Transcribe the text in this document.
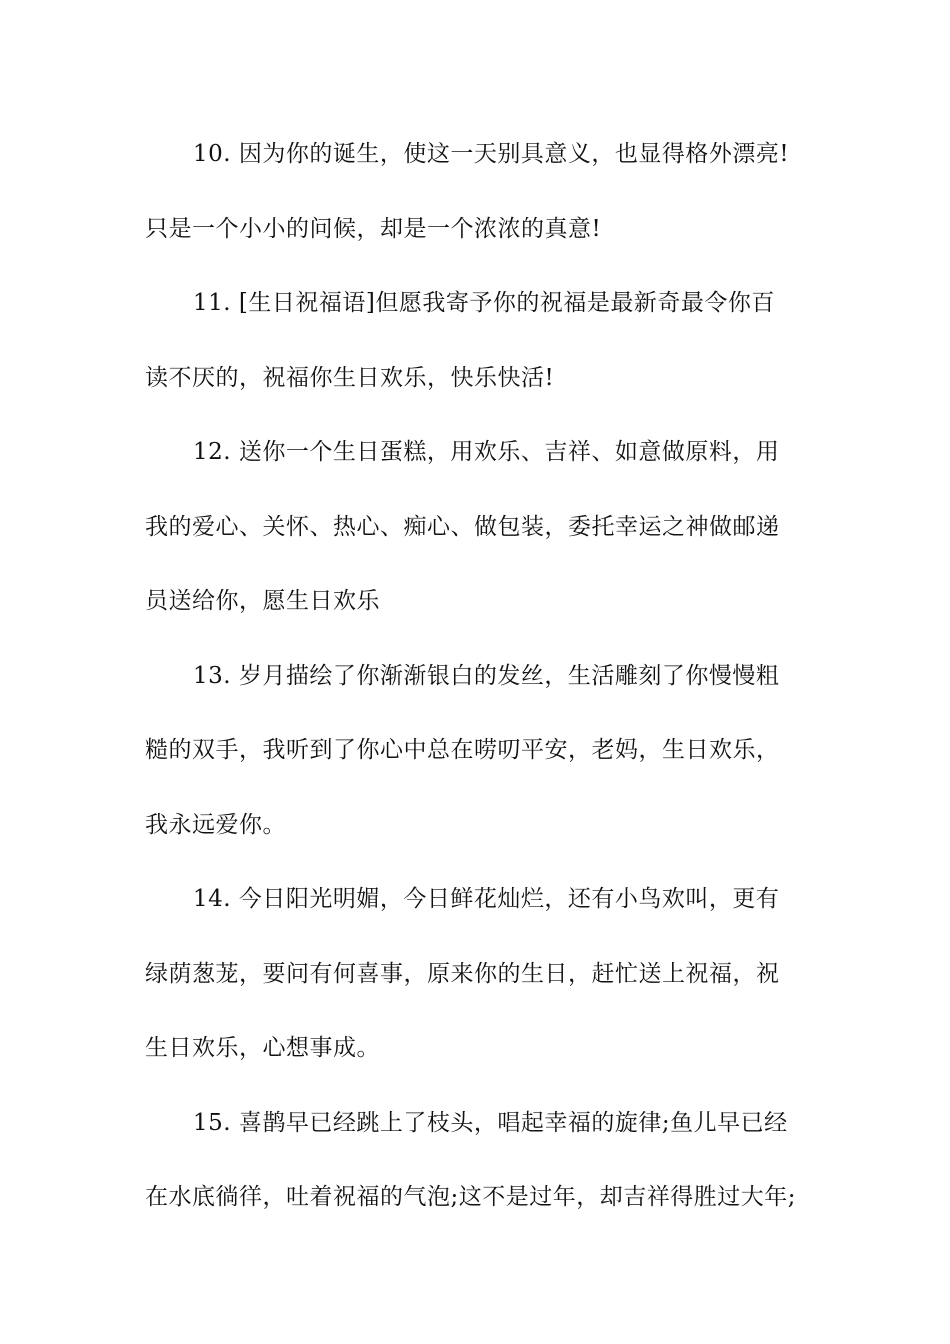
10. 因为你的诞生，使这一天别具意义，也显得格外漂亮!
只是一个小小的问候，却是一个浓浓的真意!
11. [生日祝福语]但愿我寄予你的祝福是最新奇最令你百
读不厌的，祝福你生日欢乐，快乐快活!
12. 送你一个生日蛋糕，用欢乐、吉祥、如意做原料，用
我的爱心、关怀、热心、痴心、做包装，委托幸运之神做邮递
员送给你，愿生日欢乐
13. 岁月描绘了你渐渐银白的发丝，生活雕刻了你慢慢粗
糙的双手，我听到了你心中总在唠叨平安，老妈，生日欢乐，
我永远爱你。
14. 今日阳光明媚，今日鲜花灿烂，还有小鸟欢叫，更有
绿荫葱茏，要问有何喜事，原来你的生日，赶忙送上祝福，祝
生日欢乐，心想事成。
15. 喜鹊早已经跳上了枝头，唱起幸福的旋律;鱼儿早已经
在水底徜徉，吐着祝福的气泡;这不是过年，却吉祥得胜过大年;
